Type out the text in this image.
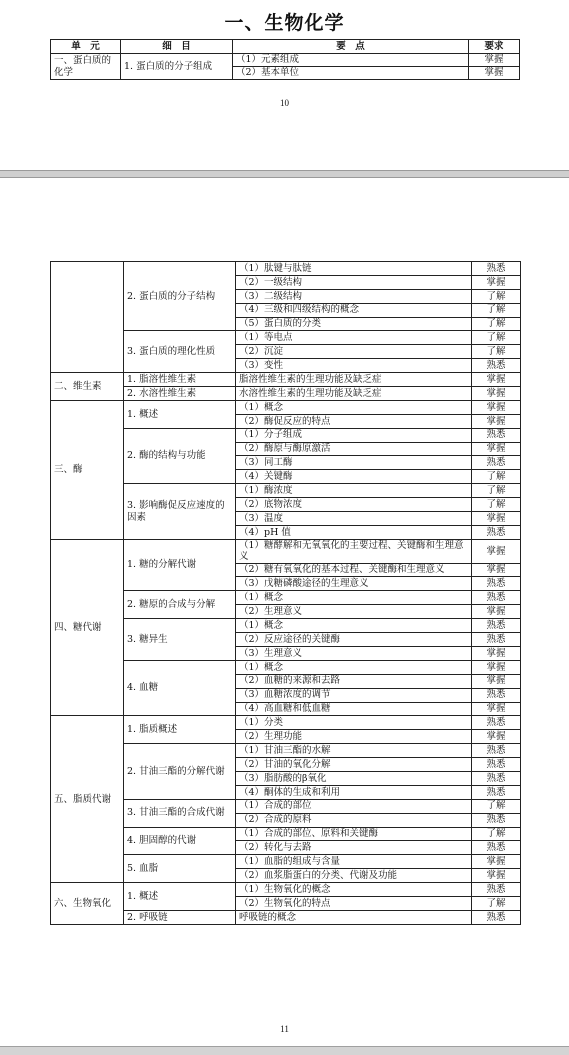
一、生物化学
单　元	细　目	要　点	要求
一、蛋白质的化学	1. 蛋白质的分子组成	（1）元素组成	掌握
		（2）基本单位	掌握
10
	2. 蛋白质的分子结构	（1）肽键与肽链	熟悉
		（2）一级结构	掌握
		（3）二级结构	了解
		（4）三级和四级结构的概念	了解
		（5）蛋白质的分类	了解
	3. 蛋白质的理化性质	（1）等电点	了解
		（2）沉淀	了解
		（3）变性	熟悉
二、维生素	1. 脂溶性维生素	脂溶性维生素的生理功能及缺乏症	掌握
	2. 水溶性维生素	水溶性维生素的生理功能及缺乏症	掌握
三、酶	1. 概述	（1）概念	掌握
		（2）酶促反应的特点	掌握
	2. 酶的结构与功能	（1）分子组成	熟悉
		（2）酶原与酶原激活	掌握
		（3）同工酶	熟悉
		（4）关键酶	了解
	3. 影响酶促反应速度的因素	（1）酶浓度	了解
		（2）底物浓度	了解
		（3）温度	掌握
		（4）pH 值	熟悉
四、糖代谢	1. 糖的分解代谢	（1）糖酵解和无氧氧化的主要过程、关键酶和生理意义	掌握
		（2）糖有氧氧化的基本过程、关键酶和生理意义	掌握
		（3）戊糖磷酸途径的生理意义	熟悉
	2. 糖原的合成与分解	（1）概念	熟悉
		（2）生理意义	掌握
	3. 糖异生	（1）概念	熟悉
		（2）反应途径的关键酶	熟悉
		（3）生理意义	掌握
	4. 血糖	（1）概念	掌握
		（2）血糖的来源和去路	掌握
		（3）血糖浓度的调节	熟悉
		（4）高血糖和低血糖	掌握
五、脂质代谢	1. 脂质概述	（1）分类	熟悉
		（2）生理功能	掌握
	2. 甘油三酯的分解代谢	（1）甘油三酯的水解	熟悉
		（2）甘油的氧化分解	熟悉
		（3）脂肪酸的β氧化	熟悉
		（4）酮体的生成和利用	熟悉
	3. 甘油三酯的合成代谢	（1）合成的部位	了解
		（2）合成的原料	熟悉
	4. 胆固醇的代谢	（1）合成的部位、原料和关键酶	了解
		（2）转化与去路	熟悉
	5. 血脂	（1）血脂的组成与含量	掌握
		（2）血浆脂蛋白的分类、代谢及功能	掌握
六、生物氧化	1. 概述	（1）生物氧化的概念	熟悉
		（2）生物氧化的特点	了解
	2. 呼吸链	呼吸链的概念	熟悉
11
